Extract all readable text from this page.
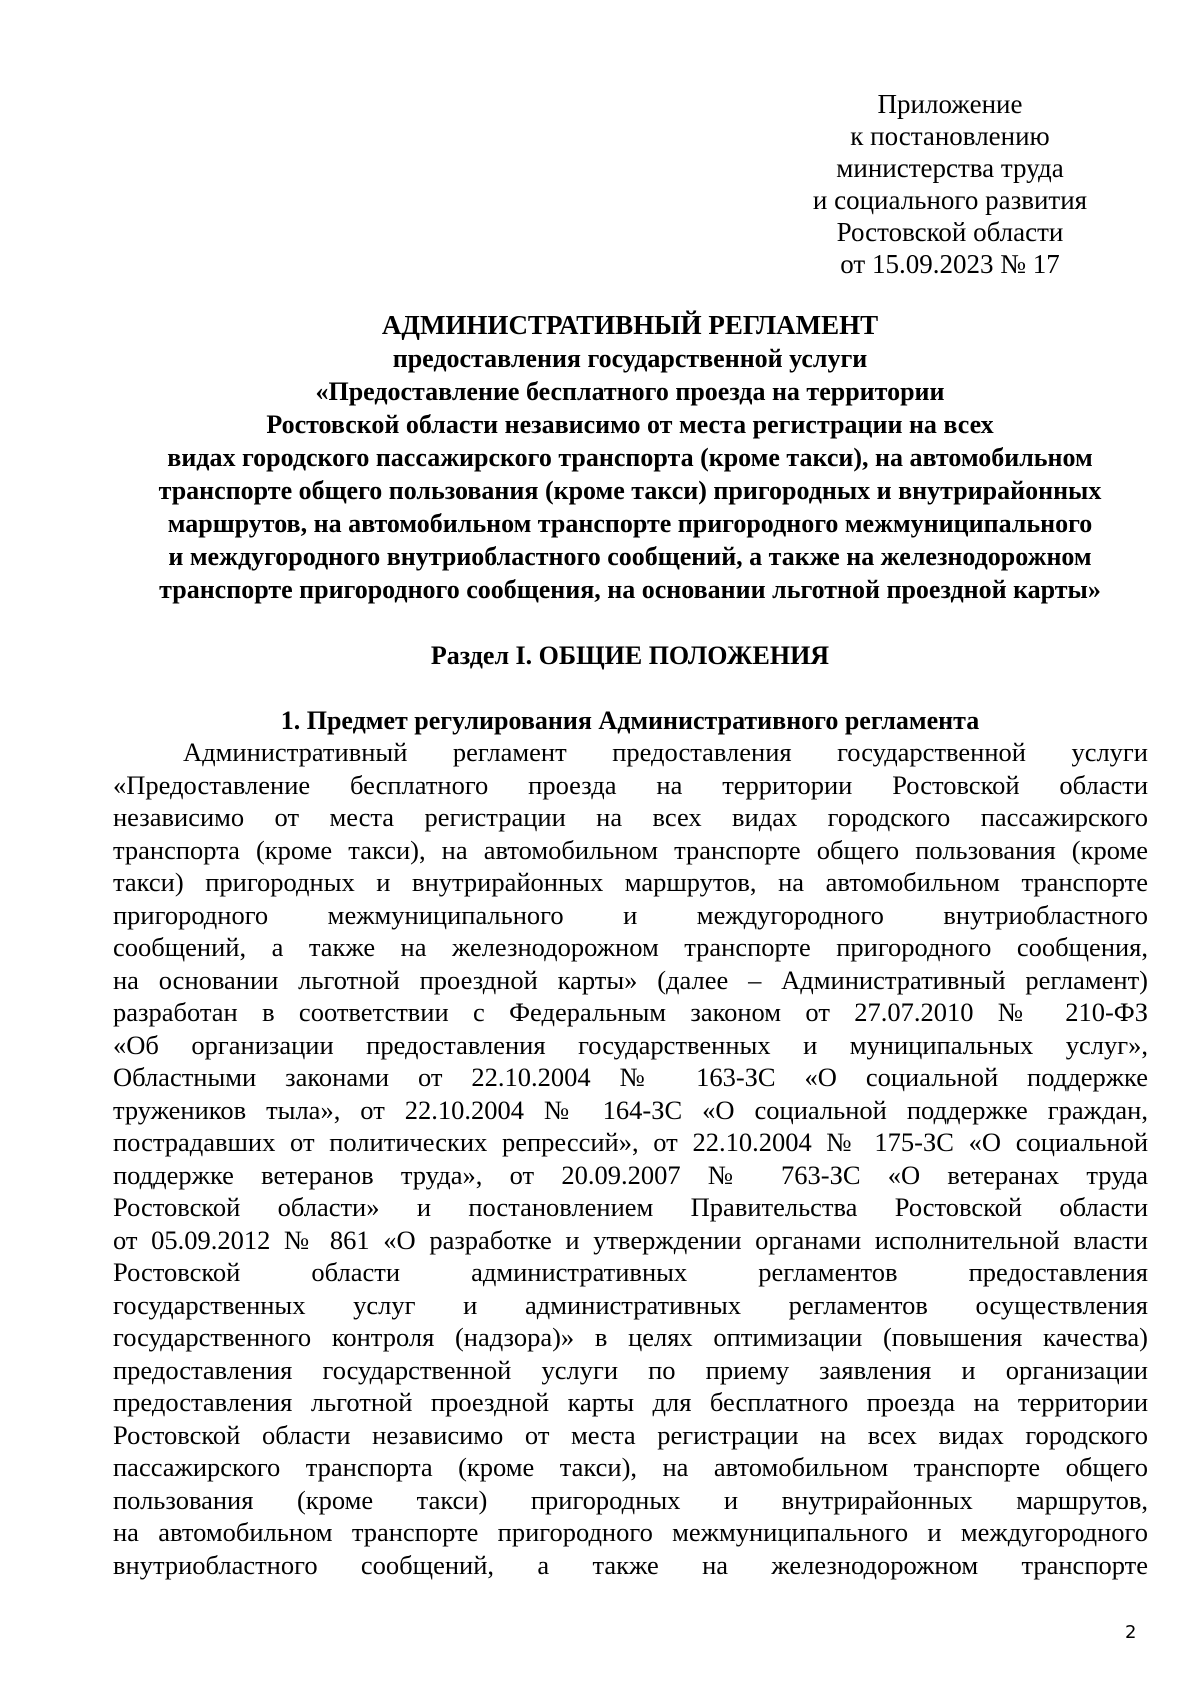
Приложение
к постановлению
министерства труда
и социального развития
Ростовской области
от 15.09.2023 № 17
АДМИНИСТРАТИВНЫЙ РЕГЛАМЕНТ
предоставления государственной услуги
«Предоставление бесплатного проезда на территории
Ростовской области независимо от места регистрации на всех
видах городского пассажирского транспорта (кроме такси), на автомобильном
транспорте общего пользования (кроме такси) пригородных и внутрирайонных
маршрутов, на автомобильном транспорте пригородного межмуниципального
и междугородного внутриобластного сообщений, а также на железнодорожном
транспорте пригородного сообщения, на основании льготной проездной карты»
Раздел I. ОБЩИЕ ПОЛОЖЕНИЯ
1. Предмет регулирования Административного регламента
Административный регламент предоставления государственной услуги
«Предоставление бесплатного проезда на территории Ростовской области
независимо от места регистрации на всех видах городского пассажирского
транспорта (кроме такси), на автомобильном транспорте общего пользования (кроме
такси) пригородных и внутрирайонных маршрутов, на автомобильном транспорте
пригородного межмуниципального и междугородного внутриобластного
сообщений, а также на железнодорожном транспорте пригородного сообщения,
на основании льготной проездной карты» (далее – Административный регламент)
разработан в соответствии с Федеральным законом от 27.07.2010 № 210-ФЗ
«Об организации предоставления государственных и муниципальных услуг»,
Областными законами от 22.10.2004 № 163-ЗС «О социальной поддержке
тружеников тыла», от 22.10.2004 № 164-ЗС «О социальной поддержке граждан,
пострадавших от политических репрессий», от 22.10.2004 № 175-ЗС «О социальной
поддержке ветеранов труда», от 20.09.2007 № 763-ЗС «О ветеранах труда
Ростовской области» и постановлением Правительства Ростовской области
от 05.09.2012 № 861 «О разработке и утверждении органами исполнительной власти
Ростовской области административных регламентов предоставления
государственных услуг и административных регламентов осуществления
государственного контроля (надзора)» в целях оптимизации (повышения качества)
предоставления государственной услуги по приему заявления и организации
предоставления льготной проездной карты для бесплатного проезда на территории
Ростовской области независимо от места регистрации на всех видах городского
пассажирского транспорта (кроме такси), на автомобильном транспорте общего
пользования (кроме такси) пригородных и внутрирайонных маршрутов,
на автомобильном транспорте пригородного межмуниципального и междугородного
внутриобластного сообщений, а также на железнодорожном транспорте
2
